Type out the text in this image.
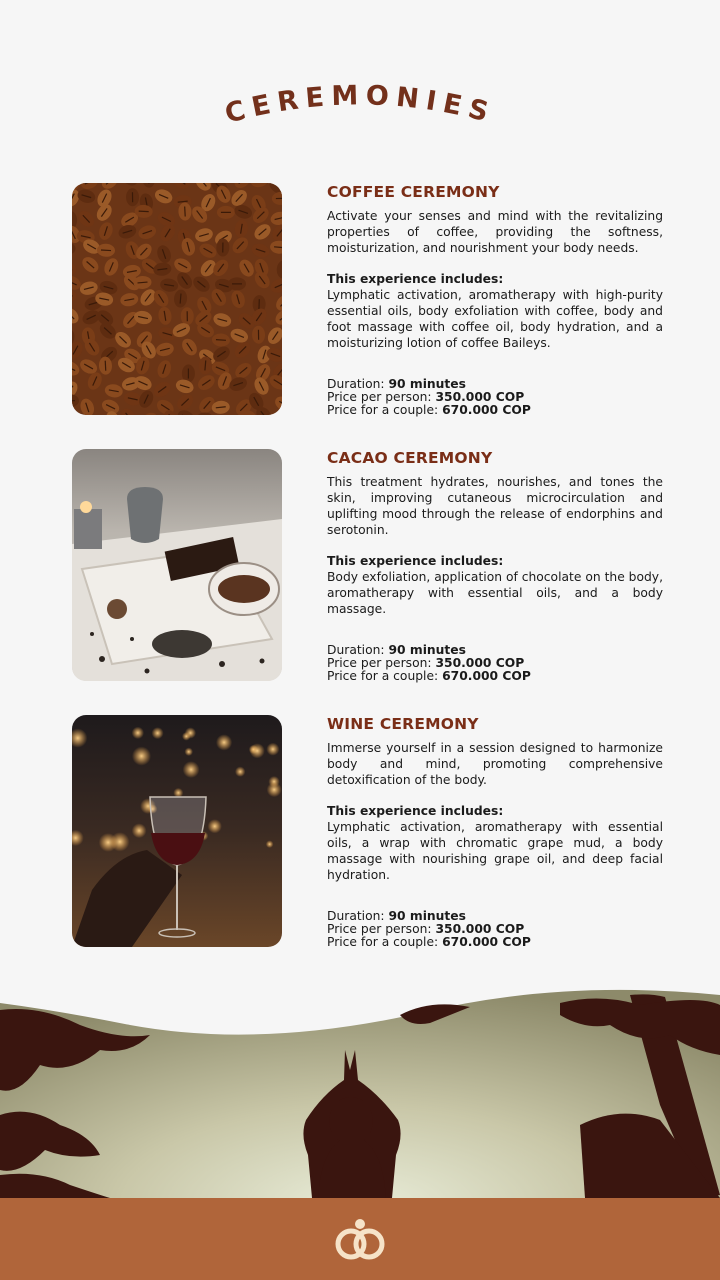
CEREMONIES

COFFEE CEREMONY

Activate your senses and mind with the revitalizing properties of coffee, providing the softness, moisturization, and nourishment your body needs.

This experience includes:

Lymphatic activation, aromatherapy with high-purity essential oils, body exfoliation with coffee, body and foot massage with coffee oil, body hydration, and a moisturizing lotion of coffee Baileys.

Duration: 90 minutes
Price per person: 350.000 COP
Price for a couple: 670.000 COP

CACAO CEREMONY

This treatment hydrates, nourishes, and tones the skin, improving cutaneous microcirculation and uplifting mood through the release of endorphins and serotonin.

This experience includes:

Body exfoliation, application of chocolate on the body, aromatherapy with essential oils, and a body massage.

Duration: 90 minutes
Price per person: 350.000 COP
Price for a couple: 670.000 COP

WINE CEREMONY

Immerse yourself in a session designed to harmonize body and mind, promoting comprehensive detoxification of the body.

This experience includes:

Lymphatic activation, aromatherapy with essential oils, a wrap with chromatic grape mud, a body massage with nourishing grape oil, and deep facial hydration.

Duration: 90 minutes
Price per person: 350.000 COP
Price for a couple: 670.000 COP
